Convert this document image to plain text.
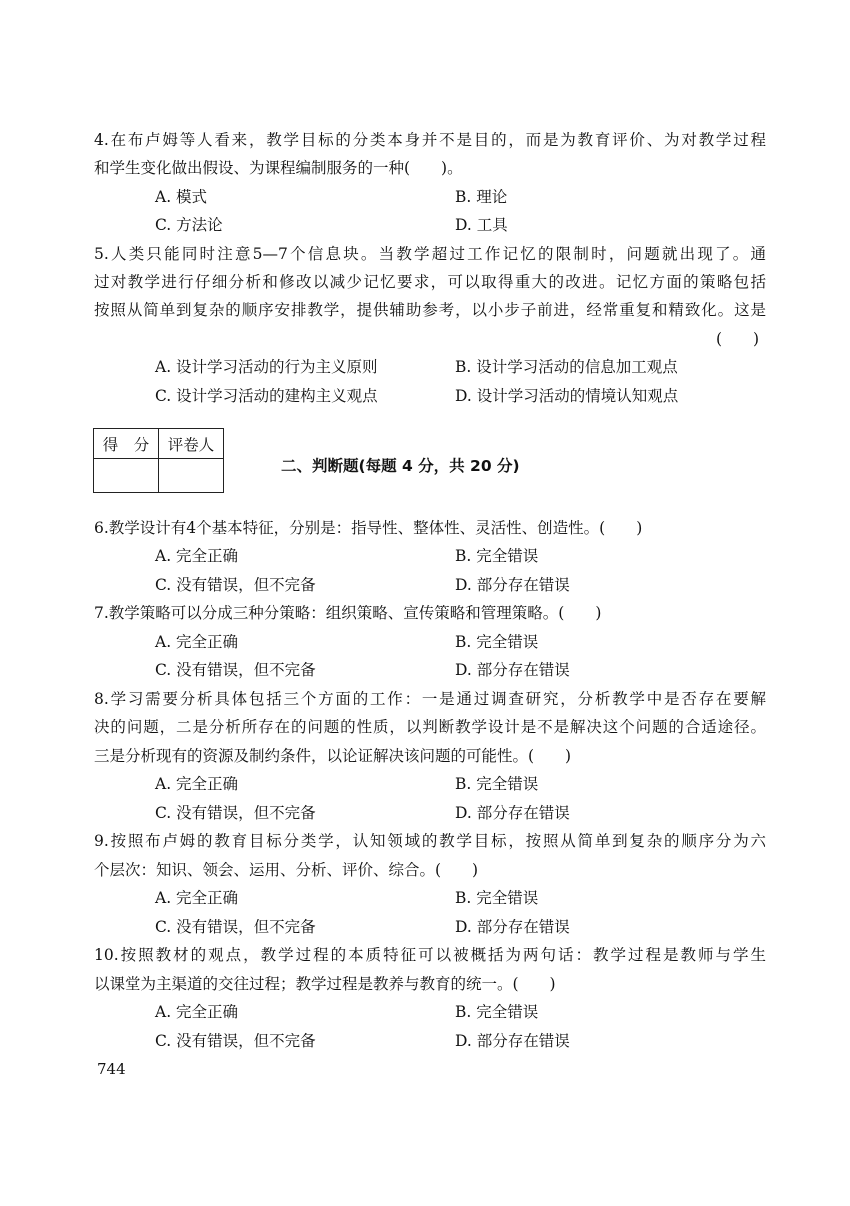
4.在布卢姆等人看来，教学目标的分类本身并不是目的，而是为教育评价、为对教学过程
和学生变化做出假设、为课程编制服务的一种(　　)。
A. 模式	B. 理论
C. 方法论	D. 工具
5.人类只能同时注意5—7个信息块。当教学超过工作记忆的限制时，问题就出现了。通
过对教学进行仔细分析和修改以减少记忆要求，可以取得重大的改进。记忆方面的策略包括
按照从简单到复杂的顺序安排教学，提供辅助参考，以小步子前进，经常重复和精致化。这是
(　　)
A. 设计学习活动的行为主义原则	B. 设计学习活动的信息加工观点
C. 设计学习活动的建构主义观点	D. 设计学习活动的情境认知观点
得　分	评卷人

二、判断题(每题 4 分，共 20 分)
6.教学设计有4个基本特征，分别是：指导性、整体性、灵活性、创造性。(　　)
A. 完全正确	B. 完全错误
C. 没有错误，但不完备	D. 部分存在错误
7.教学策略可以分成三种分策略：组织策略、宣传策略和管理策略。(　　)
A. 完全正确	B. 完全错误
C. 没有错误，但不完备	D. 部分存在错误
8.学习需要分析具体包括三个方面的工作：一是通过调查研究，分析教学中是否存在要解
决的问题，二是分析所存在的问题的性质，以判断教学设计是不是解决这个问题的合适途径。
三是分析现有的资源及制约条件，以论证解决该问题的可能性。(　　)
A. 完全正确	B. 完全错误
C. 没有错误，但不完备	D. 部分存在错误
9.按照布卢姆的教育目标分类学，认知领域的教学目标，按照从简单到复杂的顺序分为六
个层次：知识、领会、运用、分析、评价、综合。(　　)
A. 完全正确	B. 完全错误
C. 没有错误，但不完备	D. 部分存在错误
10.按照教材的观点，教学过程的本质特征可以被概括为两句话：教学过程是教师与学生
以课堂为主渠道的交往过程；教学过程是教养与教育的统一。(　　)
A. 完全正确	B. 完全错误
C. 没有错误，但不完备	D. 部分存在错误
744
